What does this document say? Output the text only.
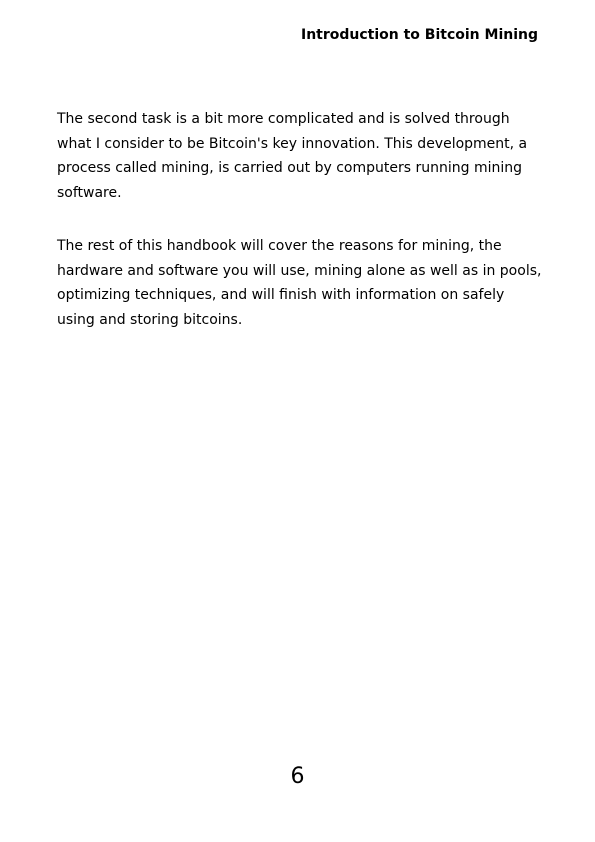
Introduction to Bitcoin Mining

The second task is a bit more complicated and is solved through what I consider to be Bitcoin's key innovation. This development, a process called mining, is carried out by computers running mining software.

The rest of this handbook will cover the reasons for mining, the hardware and software you will use, mining alone as well as in pools, optimizing techniques, and will finish with information on safely using and storing bitcoins.

6
